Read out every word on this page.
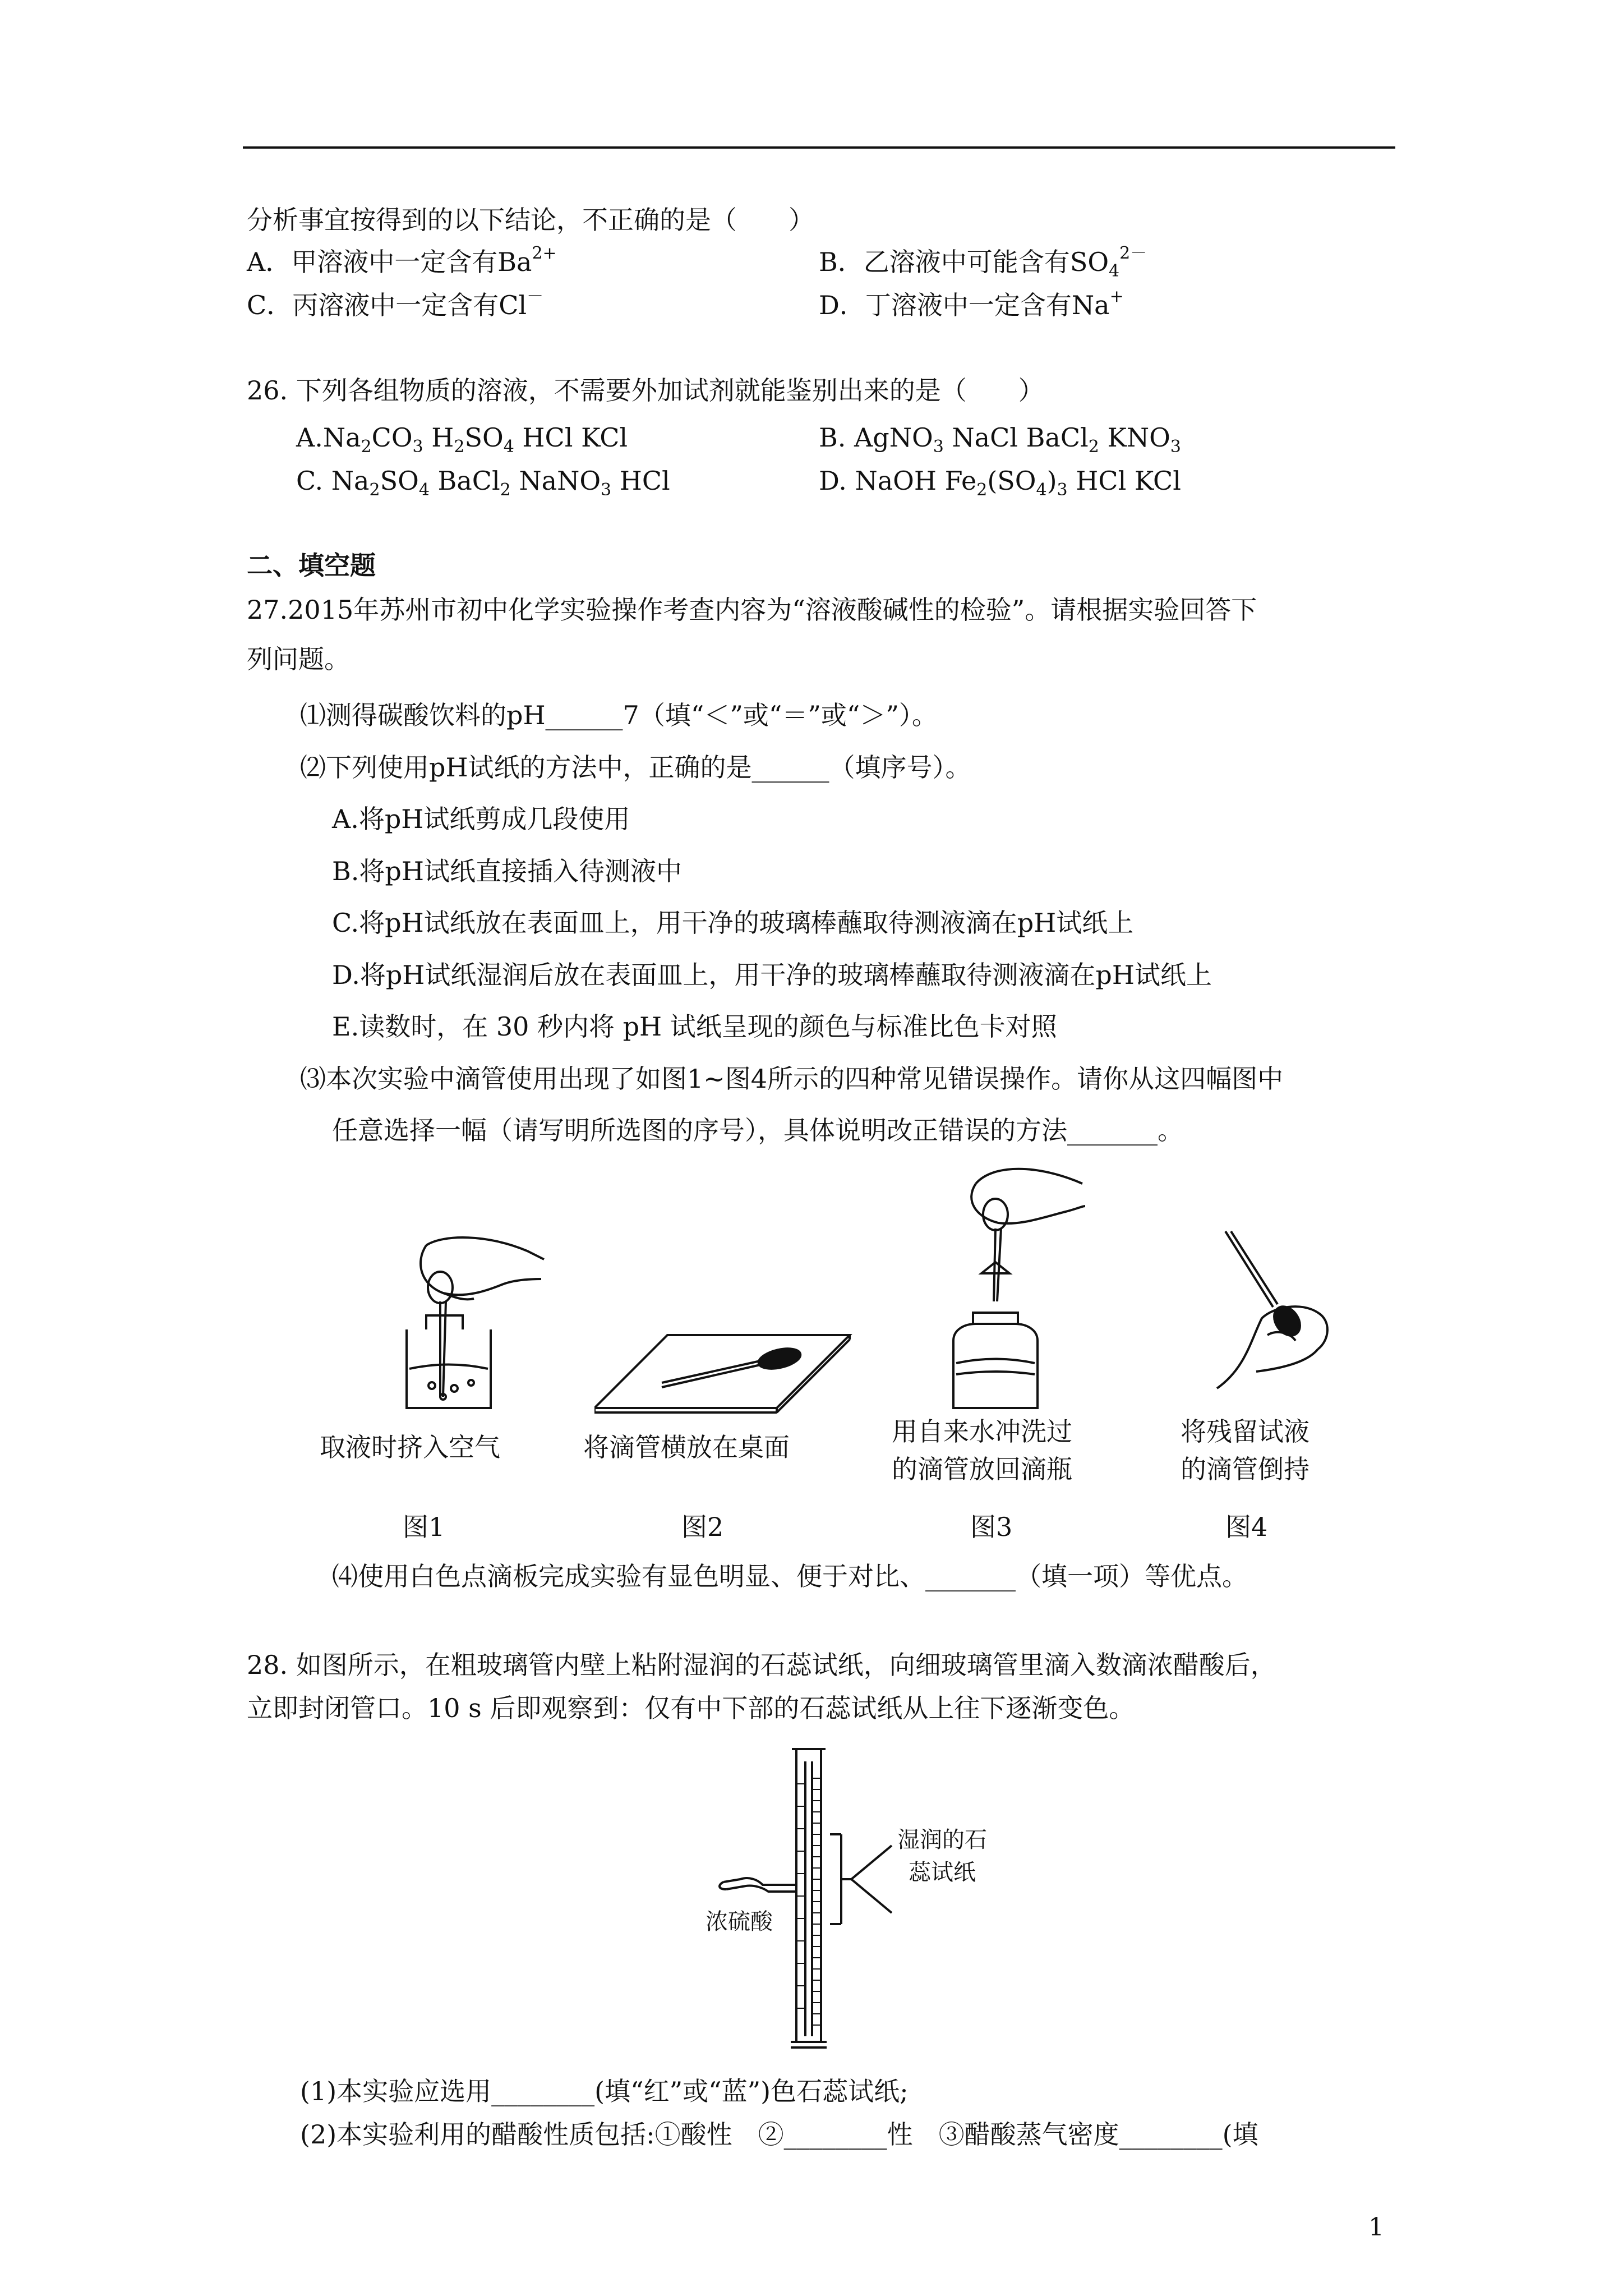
分析事宜按得到的以下结论，不正确的是（　　）
A．甲溶液中一定含有$Ba^{2+}$	B．乙溶液中可能含有$SO_4^{2-}$
C．丙溶液中一定含有Cl－	D．丁溶液中一定含有Na+
26. 下列各组物质的溶液，不需要外加试剂就能鉴别出来的是（　　）
$A.Na_2CO_3$ $H_2SO_4$ HCl KCl	B. AgNO$_3$ NaCl BaCl$_2$ $KNO_3$
C. $Na_2SO_4$ BaCl$_2$ NaNO$_3$ HCl	D. NaOH $Fe_2(SO_4)_3$ HCl KCl
二、填空题
27.2015年苏州市初中化学实验操作考查内容为“溶液酸碱性的检验”。请根据实验回答下
列问题。
⑴测得碳酸饮料的pH______7（填“＜”或“＝”或“＞”）。
⑵下列使用pH试纸的方法中，正确的是______（填序号）。
A.将pH试纸剪成几段使用
B.将pH试纸直接插入待测液中
C.将pH试纸放在表面皿上，用干净的玻璃棒蘸取待测液滴在pH试纸上
D.将pH试纸湿润后放在表面皿上，用干净的玻璃棒蘸取待测液滴在pH试纸上
E.读数时，在 30 秒内将 pH 试纸呈现的颜色与标准比色卡对照
⑶本次实验中滴管使用出现了如图1~图4所示的四种常见错误操作。请你从这四幅图中
任意选择一幅（请写明所选图的序号），具体说明改正错误的方法_______。
取液时挤入空气
图1
将滴管横放在桌面
图2
用自来水冲洗过
的滴管放回滴瓶
图3
将残留试液
的滴管倒持
图4
⑷使用白色点滴板完成实验有显色明显、便于对比、_______（填一项）等优点。
28. 如图所示，在粗玻璃管内壁上粘附湿润的石蕊试纸，向细玻璃管里滴入数滴浓醋酸后，
立即封闭管口。10 s 后即观察到：仅有中下部的石蕊试纸从上往下逐渐变色。
湿润的石
蕊试纸
浓硫酸
(1)本实验应选用________(填“红”或“蓝”)色石蕊试纸;
(2)本实验利用的醋酸性质包括:①酸性　②________性　③醋酸蒸气密度________(填
1
